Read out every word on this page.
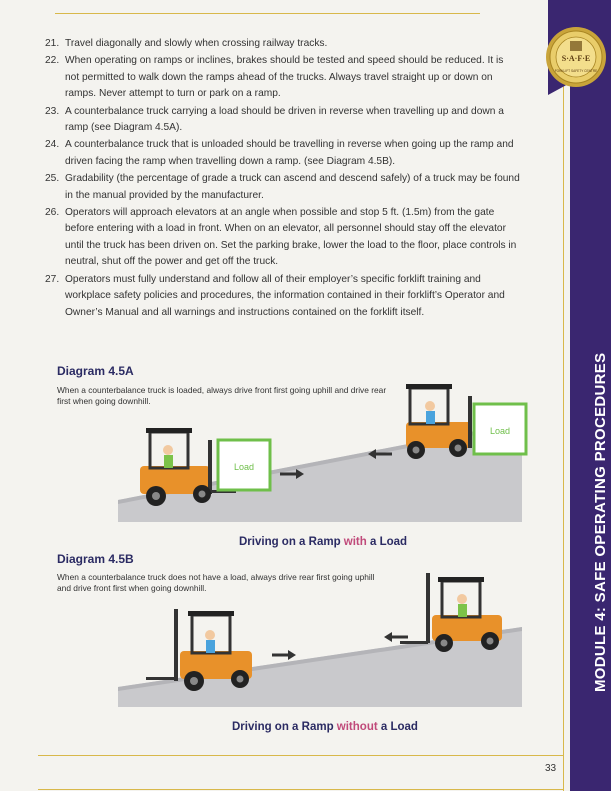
MODULE 4: SAFE OPERATING PROCEDURES
S·A·F·E
FORKLIFT SAFETY CENTRE
21. Travel diagonally and slowly when crossing railway tracks.
22. When operating on ramps or inclines, brakes should be tested and speed should be reduced. It is not permitted to walk down the ramps ahead of the trucks. Always travel straight up or down on ramps. Never attempt to turn or park on a ramp.
23. A counterbalance truck carrying a load should be driven in reverse when travelling up and down a ramp (see Diagram 4.5A).
24. A counterbalance truck that is unloaded should be travelling in reverse when going up the ramp and driven facing the ramp when travelling down a ramp. (see Diagram 4.5B).
25. Gradability (the percentage of grade a truck can ascend and descend safely) of a truck may be found in the manual provided by the manufacturer.
26. Operators will approach elevators at an angle when possible and stop 5 ft. (1.5m) from the gate before entering with a load in front. When on an elevator, all personnel should stay off the elevator until the truck has been driven on. Set the parking brake, lower the load to the floor, place controls in neutral, shut off the power and get off the truck.
27. Operators must fully understand and follow all of their employer’s specific forklift training and workplace safety policies and procedures, the information contained in their forklift’s Operator and Owner’s Manual and all warnings and instructions contained on the forklift itself.
Diagram 4.5A
When a counterbalance truck is loaded, always drive front first going uphill and drive rear first when going downhill.
Load
Load
Driving on a Ramp with a Load
Diagram 4.5B
When a counterbalance truck does not have a load, always drive rear first going uphill and drive front first when going downhill.
Driving on a Ramp without a Load
33
